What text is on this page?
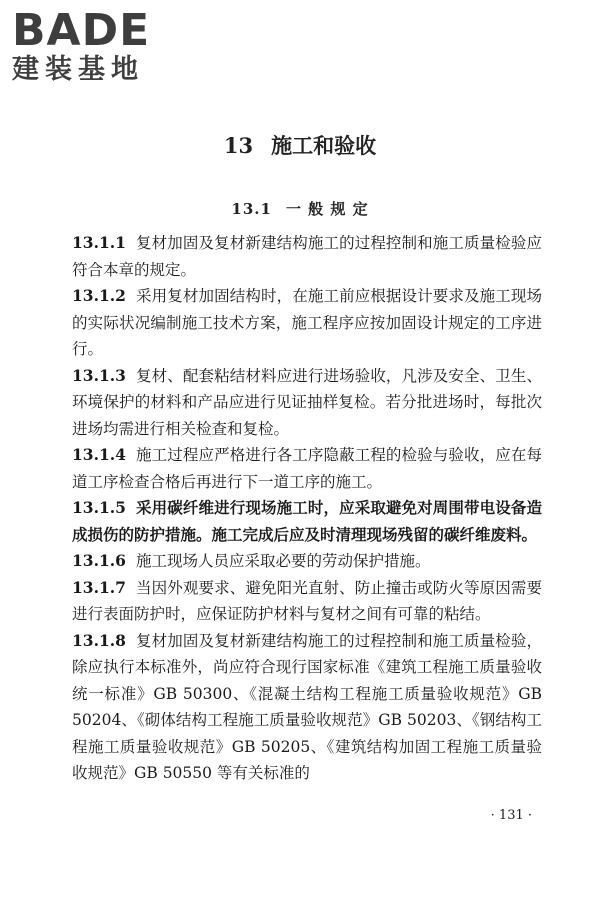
BADE
建装基地
13 施工和验收
13.1 一 般 规 定

13.1.1 复材加固及复材新建结构施工的过程控制和施工质量检验应符合本章的规定。

13.1.2 采用复材加固结构时，在施工前应根据设计要求及施工现场的实际状况编制施工技术方案，施工程序应按加固设计规定的工序进行。

13.1.3 复材、配套粘结材料应进行进场验收，凡涉及安全、卫生、环境保护的材料和产品应进行见证抽样复检。若分批进场时，每批次进场均需进行相关检查和复检。

13.1.4 施工过程应严格进行各工序隐蔽工程的检验与验收，应在每道工序检查合格后再进行下一道工序的施工。

13.1.5 采用碳纤维进行现场施工时，应采取避免对周围带电设备造成损伤的防护措施。施工完成后应及时清理现场残留的碳纤维废料。

13.1.6 施工现场人员应采取必要的劳动保护措施。

13.1.7 当因外观要求、避免阳光直射、防止撞击或防火等原因需要进行表面防护时，应保证防护材料与复材之间有可靠的粘结。

13.1.8 复材加固及复材新建结构施工的过程控制和施工质量检验，除应执行本标准外，尚应符合现行国家标准《建筑工程施工质量验收统一标准》GB 50300、《混凝土结构工程施工质量验收规范》GB 50204、《砌体结构工程施工质量验收规范》GB 50203、《钢结构工程施工质量验收规范》GB 50205、《建筑结构加固工程施工质量验收规范》GB 50550 等有关标准的

· 131 ·
